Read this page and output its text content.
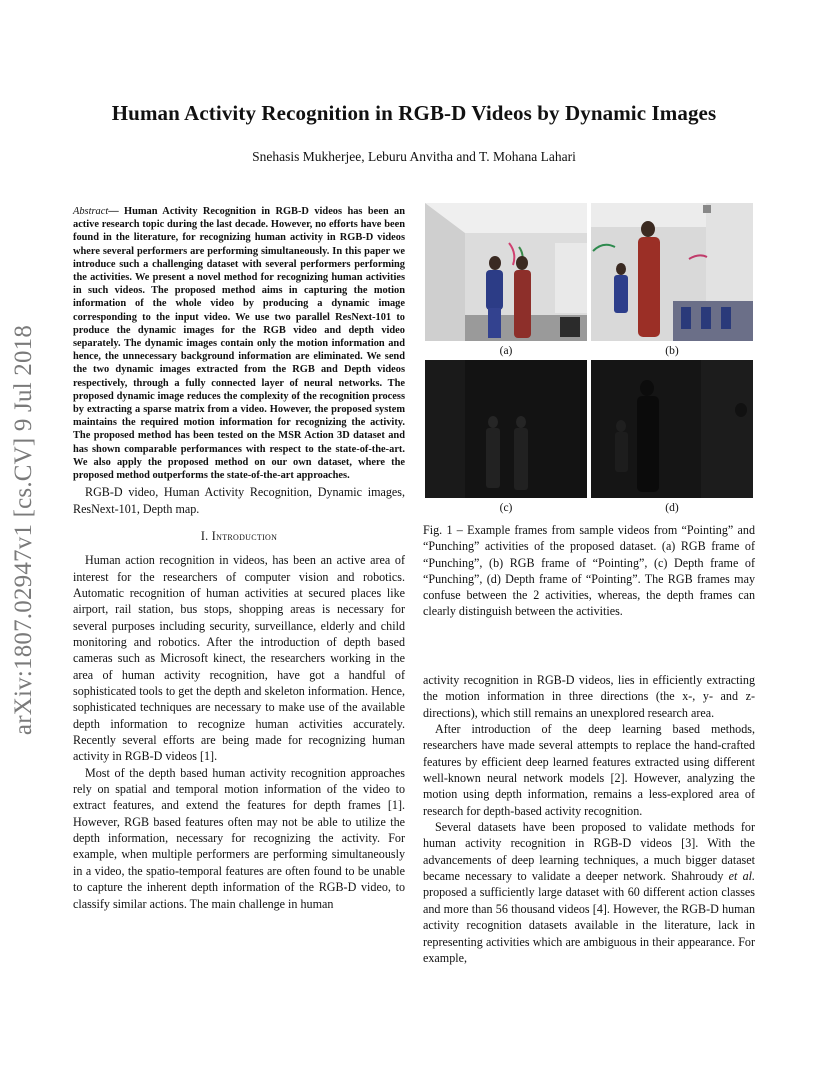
arXiv:1807.02947v1 [cs.CV] 9 Jul 2018
Human Activity Recognition in RGB-D Videos by Dynamic Images
Snehasis Mukherjee, Leburu Anvitha and T. Mohana Lahari

Abstract— Human Activity Recognition in RGB-D videos has been an active research topic during the last decade. However, no efforts have been found in the literature, for recognizing human activity in RGB-D videos where several performers are performing simultaneously. In this paper we introduce such a challenging dataset with several performers performing the activities. We present a novel method for recognizing human activities in such videos. The proposed method aims in capturing the motion information of the whole video by producing a dynamic image corresponding to the input video. We use two parallel ResNext-101 to produce the dynamic images for the RGB video and depth video separately. The dynamic images contain only the motion information and hence, the unnecessary background information are eliminated. We send the two dynamic images extracted from the RGB and Depth videos respectively, through a fully connected layer of neural networks. The proposed dynamic image reduces the complexity of the recognition process by extracting a sparse matrix from a video. However, the proposed system maintains the required motion information for recognizing the activity. The proposed method has been tested on the MSR Action 3D dataset and has shown comparable performances with respect to the state-of-the-art. We also apply the proposed method on our own dataset, where the proposed method outperforms the state-of-the-art approaches.

RGB-D video, Human Activity Recognition, Dynamic images, ResNext-101, Depth map.

I. Introduction

Human action recognition in videos, has been an active area of interest for the researchers of computer vision and robotics. Automatic recognition of human activities at secured places like airport, rail station, bus stops, shopping areas is necessary for several purposes including security, surveillance, elderly and child monitoring and robotics. After the introduction of depth based cameras such as Microsoft kinect, the researchers working in the area of human activity recognition, have got a handful of sophisticated tools to get the depth and skeleton information. Hence, sophisticated techniques are necessary to make use of the available depth information to recognize human activities accurately. Recently several efforts are being made for recognizing human activity in RGB-D videos [1].

Most of the depth based human activity recognition approaches rely on spatial and temporal motion information of the video to extract features, and extend the features for depth frames [1]. However, RGB based features often may not be able to utilize the depth information, necessary for recognizing the activity. For example, when multiple performers are performing simultaneously in a video, the spatio-temporal features are often found to be unable to capture the inherent depth information of the RGB-D video, to classify similar actions. The main challenge in human

(a)	(b)
(c)	(d)
Fig. 1 – Example frames from sample videos from “Pointing” and “Punching” activities of the proposed dataset. (a) RGB frame of “Punching”, (b) RGB frame of “Pointing”, (c) Depth frame of “Punching”, (d) Depth frame of “Pointing”. The RGB frames may confuse between the 2 activities, whereas, the depth frames can clearly distinguish between the activities.

activity recognition in RGB-D videos, lies in efficiently extracting the motion information in three directions (the x-, y- and z-directions), which still remains an unexplored research area.

After introduction of the deep learning based methods, researchers have made several attempts to replace the hand-crafted features by efficient deep learned features extracted using different well-known neural network models [2]. However, analyzing the motion using depth information, remains a less-explored area of research for depth-based activity recognition.

Several datasets have been proposed to validate methods for human activity recognition in RGB-D videos [3]. With the advancements of deep learning techniques, a much bigger dataset became necessary to validate a deeper network. Shahroudy et al. proposed a sufficiently large dataset with 60 different action classes and more than 56 thousand videos [4]. However, the RGB-D human activity recognition datasets available in the literature, lack in representing activities which are ambiguous in their appearance. For example,
